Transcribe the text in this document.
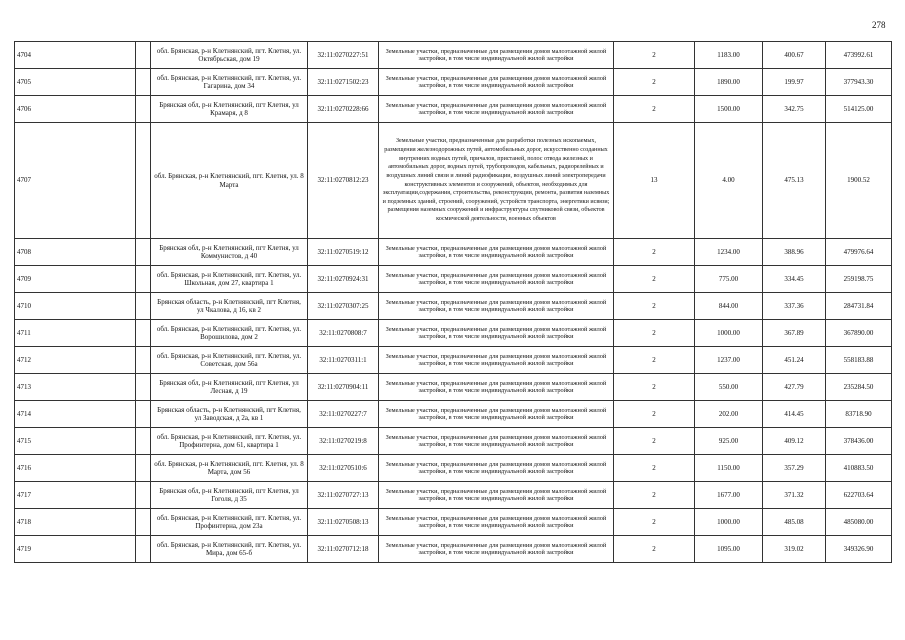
278
4704		обл. Брянская, р-н Клетнянский, пгт. Клетня, ул. Октябрьская, дом 19	32:11:0270227:51	Земельные участки, предназначенные для размещения домов малоэтажной жилой застройки, в том числе индивидуальной жилой застройки	2	1183.00	400.67	473992.61
4705		обл. Брянская, р-н Клетнянский, пгт. Клетня, ул. Гагарина, дом 34	32:11:0271502:23	Земельные участки, предназначенные для размещения домов малоэтажной жилой застройки, в том числе индивидуальной жилой застройки	2	1890.00	199.97	377943.30
4706		Брянская обл, р-н Клетнянский, пгт Клетня, ул Крамаря, д 8	32:11:0270228:66	Земельные участки, предназначенные для размещения домов малоэтажной жилой застройки, в том числе индивидуальной жилой застройки	2	1500.00	342.75	514125.00
4707		обл. Брянская, р-н Клетнянский, пгт. Клетня, ул. 8 Марта	32:11:0270812:23	Земельные участки, предназначенные для разработки полезных ископаемых, размещения железнодорожных путей, автомобильных дорог, искусственно созданных внутренних водных путей, причалов, пристаней, полос отвода железных и автомобильных дорог, водных путей, трубопроводов, кабельных, радиорелейных и воздушных линий связи и линий радиофикации, воздушных линий электропередачи конструктивных элементов и сооружений, объектов, необходимых для эксплуатации,содержания, строительства, реконструкции, ремонта, развития наземных и подземных зданий, строений, сооружений, устройств транспорта, энергетики исвязи; размещения наземных сооружений и инфраструктуры спутниковой связи, объектов космической деятельности, военных объектов	13	4.00	475.13	1900.52
4708		Брянская обл, р-н Клетнянский, пгт Клетня, ул Коммунистов, д 40	32:11:0270519:12	Земельные участки, предназначенные для размещения домов малоэтажной жилой застройки, в том числе индивидуальной жилой застройки	2	1234.00	388.96	479976.64
4709		обл. Брянская, р-н Клетнянский, пгт. Клетня, ул. Школьная, дом 27, квартира 1	32:11:0270924:31	Земельные участки, предназначенные для размещения домов малоэтажной жилой застройки, в том числе индивидуальной жилой застройки	2	775.00	334.45	259198.75
4710		Брянская область, р-н Клетнянский, пгт Клетня, ул Чкалова, д 16, кв 2	32:11:0270307:25	Земельные участки, предназначенные для размещения домов малоэтажной жилой застройки, в том числе индивидуальной жилой застройки	2	844.00	337.36	284731.84
4711		обл. Брянская, р-н Клетнянский, пгт. Клетня, ул. Ворошилова, дом 2	32:11:0270808:7	Земельные участки, предназначенные для размещения домов малоэтажной жилой застройки, в том числе индивидуальной жилой застройки	2	1000.00	367.89	367890.00
4712		обл. Брянская, р-н Клетнянский, пгт. Клетня, ул. Советская, дом 56а	32:11:0270311:1	Земельные участки, предназначенные для размещения домов малоэтажной жилой застройки, в том числе индивидуальной жилой застройки	2	1237.00	451.24	558183.88
4713		Брянская обл, р-н Клетнянский, пгт Клетня, ул Лесная, д 19	32:11:0270904:11	Земельные участки, предназначенные для размещения домов малоэтажной жилой застройки, в том числе индивидуальной жилой застройки	2	550.00	427.79	235284.50
4714		Брянская область, р-н Клетнянский, пгт Клетня, ул Заводская, д 2а, кв 1	32:11:0270227:7	Земельные участки, предназначенные для размещения домов малоэтажной жилой застройки, в том числе индивидуальной жилой застройки	2	202.00	414.45	83718.90
4715		обл. Брянская, р-н Клетнянский, пгт. Клетня, ул. Профинтерна, дом 61, квартира 1	32:11:0270219:8	Земельные участки, предназначенные для размещения домов малоэтажной жилой застройки, в том числе индивидуальной жилой застройки	2	925.00	409.12	378436.00
4716		обл. Брянская, р-н Клетнянский, пгт. Клетня, ул. 8 Марта, дом 56	32:11:0270510:6	Земельные участки, предназначенные для размещения домов малоэтажной жилой застройки, в том числе индивидуальной жилой застройки	2	1150.00	357.29	410883.50
4717		Брянская обл, р-н Клетнянский, пгт Клетня, ул Гоголя, д 35	32:11:0270727:13	Земельные участки, предназначенные для размещения домов малоэтажной жилой застройки, в том числе индивидуальной жилой застройки	2	1677.00	371.32	622703.64
4718		обл. Брянская, р-н Клетнянский, пгт. Клетня, ул. Профинтерна, дом 23а	32:11:0270508:13	Земельные участки, предназначенные для размещения домов малоэтажной жилой застройки, в том числе индивидуальной жилой застройки	2	1000.00	485.08	485080.00
4719		обл. Брянская, р-н Клетнянский, пгт. Клетня, ул. Мира, дом 65-б	32:11:0270712:18	Земельные участки, предназначенные для размещения домов малоэтажной жилой застройки, в том числе индивидуальной жилой застройки	2	1095.00	319.02	349326.90
